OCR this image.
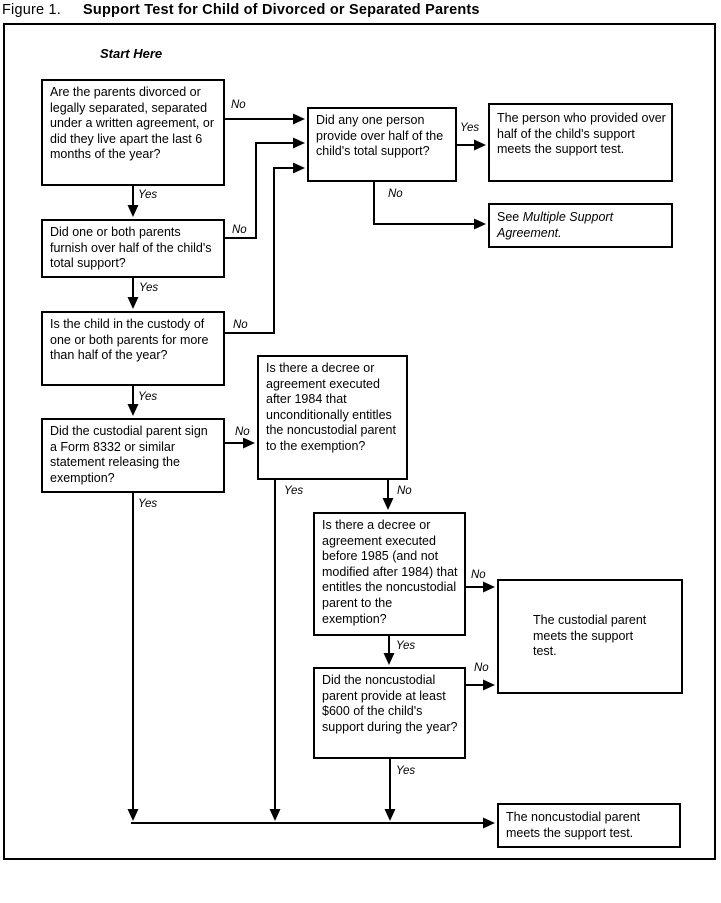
Figure 1. Support Test for Child of Divorced or Separated Parents
Start Here
Are the parents divorced or legally separated, separated under a written agreement, or did they live apart the last 6 months of the year?
Did one or both parents furnish over half of the child's total support?
Is the child in the custody of one or both parents for more than half of the year?
Did the custodial parent sign a Form 8332 or similar statement releasing the exemption?
Did any one person provide over half of the child's total support?
Is there a decree or agreement executed after 1984 that unconditionally entitles the noncustodial parent to the exemption?
Is there a decree or agreement executed before 1985 (and not modified after 1984) that entitles the noncustodial parent to the exemption?
Did the noncustodial parent provide at least $600 of the child's support during the year?
The person who provided over half of the child's support meets the support test.
See Multiple Support Agreement.
The custodial parent meets the support test.
The noncustodial parent meets the support test.
Yes
Yes
Yes
Yes
No
No
No
No
Yes
No
Yes	No
Yes
No
Yes
No
